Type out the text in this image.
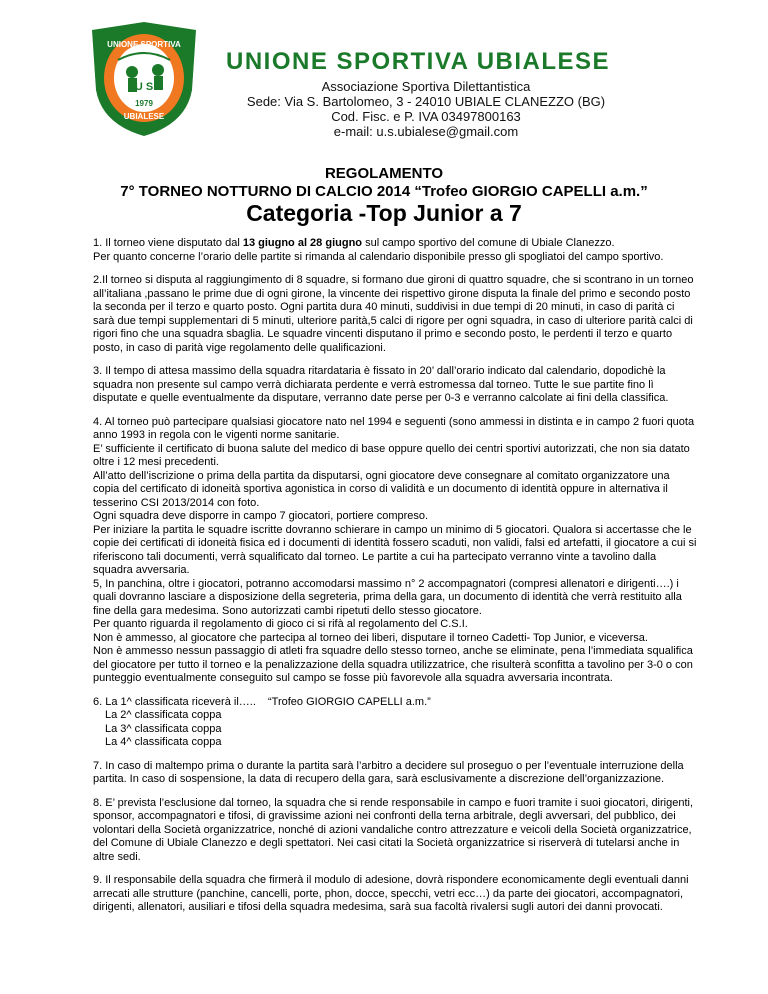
UNIONE SPORTIVA
U S
1979
UBIALESE
UNIONE SPORTIVA UBIALESE
Associazione Sportiva Dilettantistica
Sede: Via S. Bartolomeo, 3 - 24010 UBIALE CLANEZZO (BG)
Cod. Fisc. e P. IVA 03497800163
e-mail: u.s.ubialese@gmail.com
REGOLAMENTO
7° TORNEO NOTTURNO DI CALCIO 2014 “Trofeo GIORGIO CAPELLI a.m.”
Categoria -Top Junior a 7

1. Il torneo viene disputato dal 13 giugno al 28 giugno sul campo sportivo del comune di Ubiale Clanezzo.
Per quanto concerne l’orario delle partite si rimanda al calendario disponibile presso gli spogliatoi del campo sportivo.

2.Il torneo si disputa al raggiungimento di 8 squadre, si formano due gironi di quattro squadre, che si scontrano in un torneo all’italiana ,passano le prime due di ogni girone, la vincente dei rispettivo girone disputa la finale del primo e secondo posto la seconda per il terzo e quarto posto. Ogni partita dura 40 minuti, suddivisi in due tempi di 20 minuti, in caso di parità ci sarà due tempi supplementari di 5 minuti, ulteriore parità,5 calci di rigore per ogni squadra, in caso di ulteriore parità calci di rigori fino che una squadra sbaglia. Le squadre vincenti disputano il primo e secondo posto, le perdenti il terzo e quarto posto, in caso di parità vige regolamento delle qualificazioni.

3. Il tempo di attesa massimo della squadra ritardataria è fissato in 20’ dall’orario indicato dal calendario, dopodichè la squadra non presente sul campo verrà dichiarata perdente e verrà estromessa dal torneo. Tutte le sue partite fino lì disputate e quelle eventualmente da disputare, verranno date perse per 0-3 e verranno calcolate ai fini della classifica.

4. Al torneo può partecipare qualsiasi giocatore nato nel 1994 e seguenti (sono ammessi in distinta e in campo 2 fuori quota anno 1993 in regola con le vigenti norme sanitarie.
E’ sufficiente il certificato di buona salute del medico di base oppure quello dei centri sportivi autorizzati, che non sia datato oltre i 12 mesi precedenti.
All’atto dell’iscrizione o prima della partita da disputarsi, ogni giocatore deve consegnare al comitato organizzatore una copia del certificato di idoneità sportiva agonistica in corso di validità e un documento di identità oppure in alternativa il tesserino CSI 2013/2014 con foto.
Ogni squadra deve disporre in campo 7 giocatori, portiere compreso.
Per iniziare la partita le squadre iscritte dovranno schierare in campo un minimo di 5 giocatori. Qualora si accertasse che le copie dei certificati di idoneità fisica ed i documenti di identità fossero scaduti, non validi, falsi ed artefatti, il giocatore a cui si riferiscono tali documenti, verrà squalificato dal torneo. Le partite a cui ha partecipato verranno vinte a tavolino dalla squadra avversaria.
5, In panchina, oltre i giocatori, potranno accomodarsi massimo n° 2 accompagnatori (compresi allenatori e dirigenti….) i quali dovranno lasciare a disposizione della segreteria, prima della gara, un documento di identità che verrà restituito alla fine della gara medesima. Sono autorizzati cambi ripetuti dello stesso giocatore.
Per quanto riguarda il regolamento di gioco ci si rifà al regolamento del C.S.I.
Non è ammesso, al giocatore che partecipa al torneo dei liberi, disputare il torneo Cadetti- Top Junior, e viceversa.
Non è ammesso nessun passaggio di atleti fra squadre dello stesso torneo, anche se eliminate, pena l’immediata squalifica del giocatore per tutto il torneo e la penalizzazione della squadra utilizzatrice, che risulterà sconfitta a tavolino per 3-0 o con punteggio eventualmente conseguito sul campo se fosse più favorevole alla squadra avversaria incontrata.

6. La 1^ classificata riceverà il…..	“Trofeo GIORGIO CAPELLI a.m.”
La 2^ classificata coppa
La 3^ classificata coppa
La 4^ classificata coppa

7. In caso di maltempo prima o durante la partita sarà l’arbitro a decidere sul proseguo o per l’eventuale interruzione della partita. In caso di sospensione, la data di recupero della gara, sarà esclusivamente a discrezione dell’organizzazione.

8. E’ prevista l’esclusione dal torneo, la squadra che si rende responsabile in campo e fuori tramite i suoi giocatori, dirigenti, sponsor, accompagnatori e tifosi, di gravissime azioni nei confronti della terna arbitrale, degli avversari, del pubblico, dei volontari della Società organizzatrice, nonché di azioni vandaliche contro attrezzature e veicoli della Società organizzatrice, del Comune di Ubiale Clanezzo e degli spettatori. Nei casi citati la Società organizzatrice si riserverà di tutelarsi anche in altre sedi.

9. Il responsabile della squadra che firmerà il modulo di adesione, dovrà rispondere economicamente degli eventuali danni arrecati alle strutture (panchine, cancelli, porte, phon, docce, specchi, vetri ecc…) da parte dei giocatori, accompagnatori, dirigenti, allenatori, ausiliari e tifosi della squadra medesima, sarà sua facoltà rivalersi sugli autori dei danni provocati.
